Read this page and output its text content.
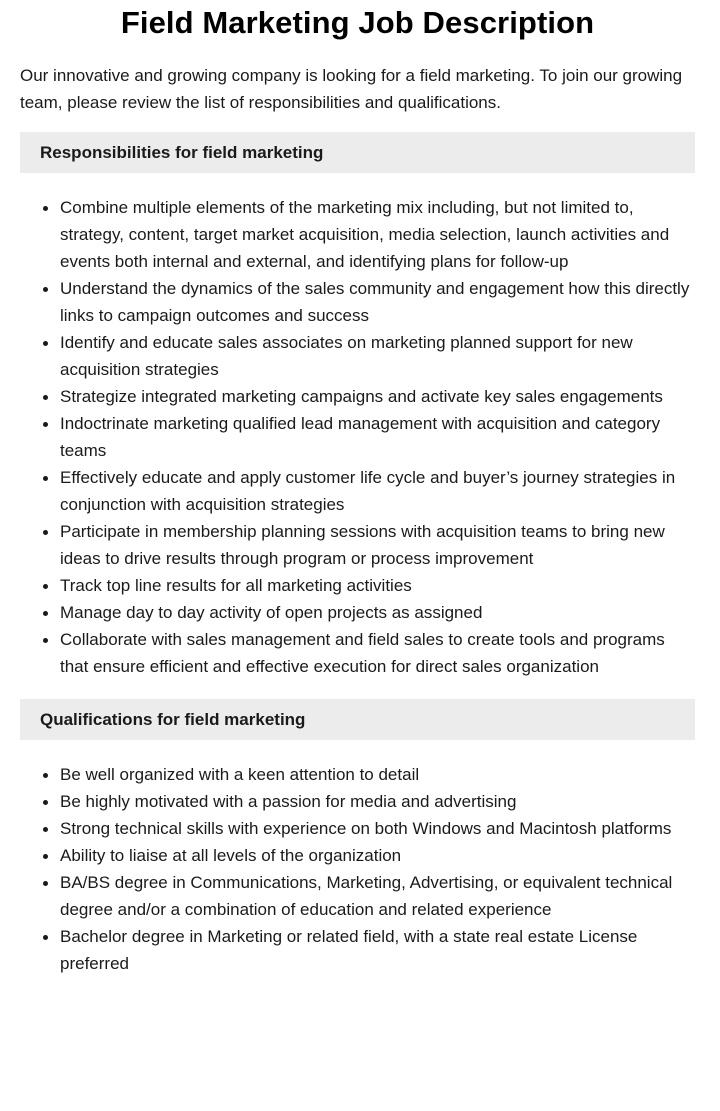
Field Marketing Job Description

Our innovative and growing company is looking for a field marketing. To join our growing team, please review the list of responsibilities and qualifications.

Responsibilities for field marketing
Combine multiple elements of the marketing mix including, but not limited to, strategy, content, target market acquisition, media selection, launch activities and events both internal and external, and identifying plans for follow-up
Understand the dynamics of the sales community and engagement how this directly links to campaign outcomes and success
Identify and educate sales associates on marketing planned support for new acquisition strategies
Strategize integrated marketing campaigns and activate key sales engagements
Indoctrinate marketing qualified lead management with acquisition and category teams
Effectively educate and apply customer life cycle and buyer’s journey strategies in conjunction with acquisition strategies
Participate in membership planning sessions with acquisition teams to bring new ideas to drive results through program or process improvement
Track top line results for all marketing activities
Manage day to day activity of open projects as assigned
Collaborate with sales management and field sales to create tools and programs that ensure efficient and effective execution for direct sales organization
Qualifications for field marketing
Be well organized with a keen attention to detail
Be highly motivated with a passion for media and advertising
Strong technical skills with experience on both Windows and Macintosh platforms
Ability to liaise at all levels of the organization
BA/BS degree in Communications, Marketing, Advertising, or equivalent technical degree and/or a combination of education and related experience
Bachelor degree in Marketing or related field, with a state real estate License preferred
